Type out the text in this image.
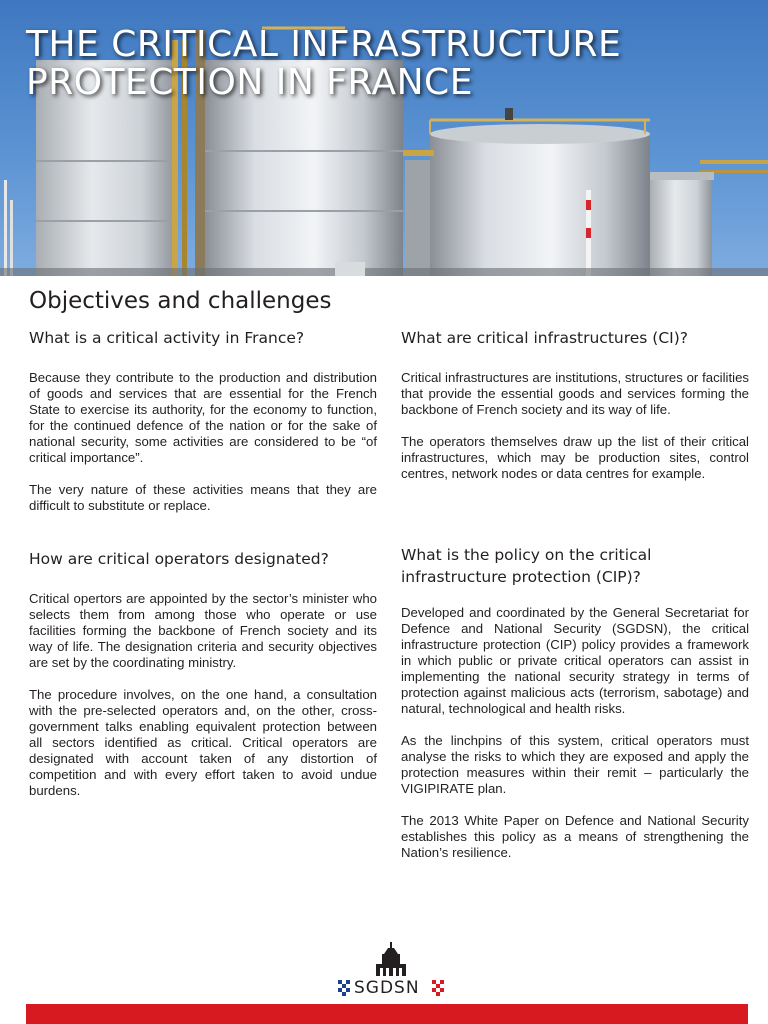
THE CRITICAL INFRASTRUCTURE
PROTECTION IN FRANCE
Objectives and challenges
What is a critical activity in France?

Because they contribute to the production and distribution of goods and services that are essential for the French State to exercise its authority, for the economy to function, for the continued defence of the nation or for the sake of national security, some activities are considered to be “of critical importance”.

The very nature of these activities means that they are difficult to substitute or replace.

What are critical infrastructures (CI)?

Critical infrastructures are institutions, structures or facilities that provide the essential goods and services forming the backbone of French society and its way of life.

The operators themselves draw up the list of their critical infrastructures, which may be production sites, control centres, network nodes or data centres for example.

How are critical operators designated?

Critical opertors are appointed by the sector’s minister who selects them from among those who operate or use facilities forming the backbone of French society and its way of life. The designation criteria and security objectives are set by the coordinating ministry.

The procedure involves, on the one hand, a consultation with the pre-selected operators and, on the other, cross-government talks enabling equivalent protection between all sectors identified as critical. Critical operators are designated with account taken of any distortion of competition and with every effort taken to avoid undue burdens.

What is the policy on the critical
infrastructure protection (CIP)?

Developed and coordinated by the General Secretariat for Defence and National Security (SGDSN), the critical infrastructure protection (CIP) policy provides a framework in which public or private critical operators can assist in implementing the national security strategy in terms of protection against malicious acts (terrorism, sabotage) and natural, technological and health risks.

As the linchpins of this system, critical operators must analyse the risks to which they are exposed and apply the protection measures within their remit – particularly the VIGIPIRATE plan.

The 2013 White Paper on Defence and National Security establishes this policy as a means of strengthening the Nation’s resilience.

SGDSN
